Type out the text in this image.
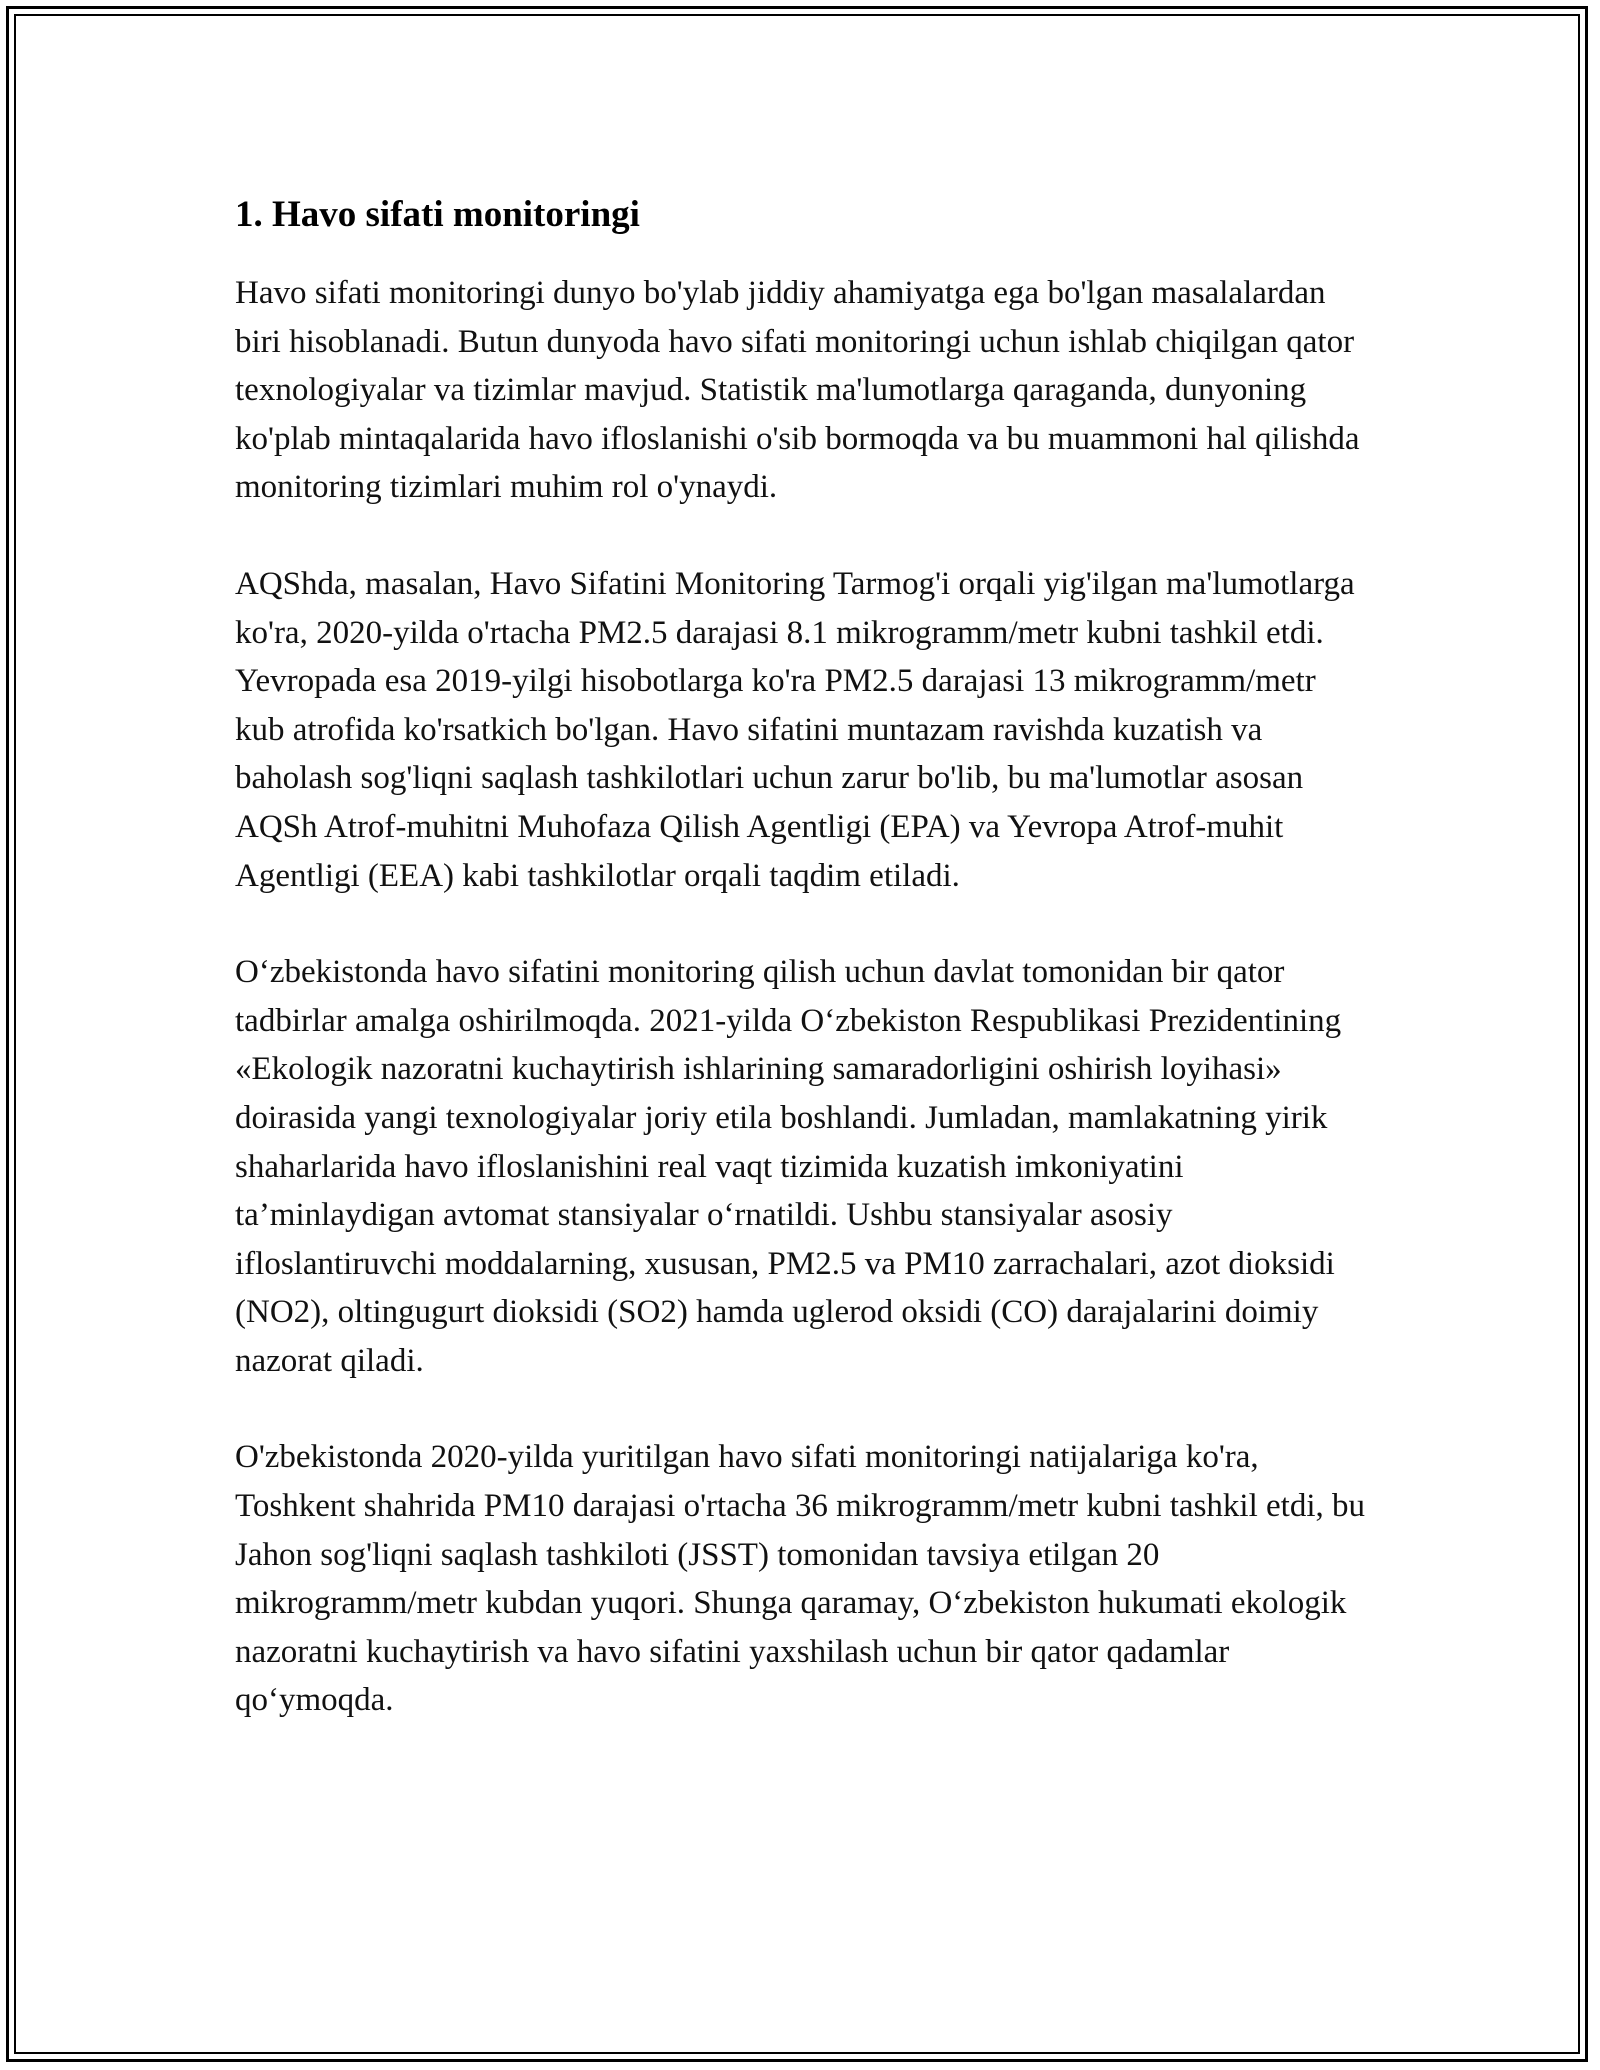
1. Havo sifati monitoringi

Havo sifati monitoringi dunyo bo'ylab jiddiy ahamiyatga ega bo'lgan masalalardan biri hisoblanadi. Butun dunyoda havo sifati monitoringi uchun ishlab chiqilgan qator texnologiyalar va tizimlar mavjud. Statistik ma'lumotlarga qaraganda, dunyoning ko'plab mintaqalarida havo ifloslanishi o'sib bormoqda va bu muammoni hal qilishda monitoring tizimlari muhim rol o'ynaydi.

AQShda, masalan, Havo Sifatini Monitoring Tarmog'i orqali yig'ilgan ma'lumotlarga ko'ra, 2020-yilda o'rtacha PM2.5 darajasi 8.1 mikrogramm/metr kubni tashkil etdi. Yevropada esa 2019-yilgi hisobotlarga ko'ra PM2.5 darajasi 13 mikrogramm/metr kub atrofida ko'rsatkich bo'lgan. Havo sifatini muntazam ravishda kuzatish va baholash sog'liqni saqlash tashkilotlari uchun zarur bo'lib, bu ma'lumotlar asosan AQSh Atrof-muhitni Muhofaza Qilish Agentligi (EPA) va Yevropa Atrof-muhit Agentligi (EEA) kabi tashkilotlar orqali taqdim etiladi.

O‘zbekistonda havo sifatini monitoring qilish uchun davlat tomonidan bir qator tadbirlar amalga oshirilmoqda. 2021-yilda O‘zbekiston Respublikasi Prezidentining «Ekologik nazoratni kuchaytirish ishlarining samaradorligini oshirish loyihasi» doirasida yangi texnologiyalar joriy etila boshlandi. Jumladan, mamlakatning yirik shaharlarida havo ifloslanishini real vaqt tizimida kuzatish imkoniyatini ta’minlaydigan avtomat stansiyalar o‘rnatildi. Ushbu stansiyalar asosiy ifloslantiruvchi moddalarning, xususan, PM2.5 va PM10 zarrachalari, azot dioksidi (NO2), oltingugurt dioksidi (SO2) hamda uglerod oksidi (CO) darajalarini doimiy nazorat qiladi.

O'zbekistonda 2020-yilda yuritilgan havo sifati monitoringi natijalariga ko'ra, Toshkent shahrida PM10 darajasi o'rtacha 36 mikrogramm/metr kubni tashkil etdi, bu Jahon sog'liqni saqlash tashkiloti (JSST) tomonidan tavsiya etilgan 20 mikrogramm/metr kubdan yuqori. Shunga qaramay, O‘zbekiston hukumati ekologik nazoratni kuchaytirish va havo sifatini yaxshilash uchun bir qator qadamlar qo‘ymoqda.
